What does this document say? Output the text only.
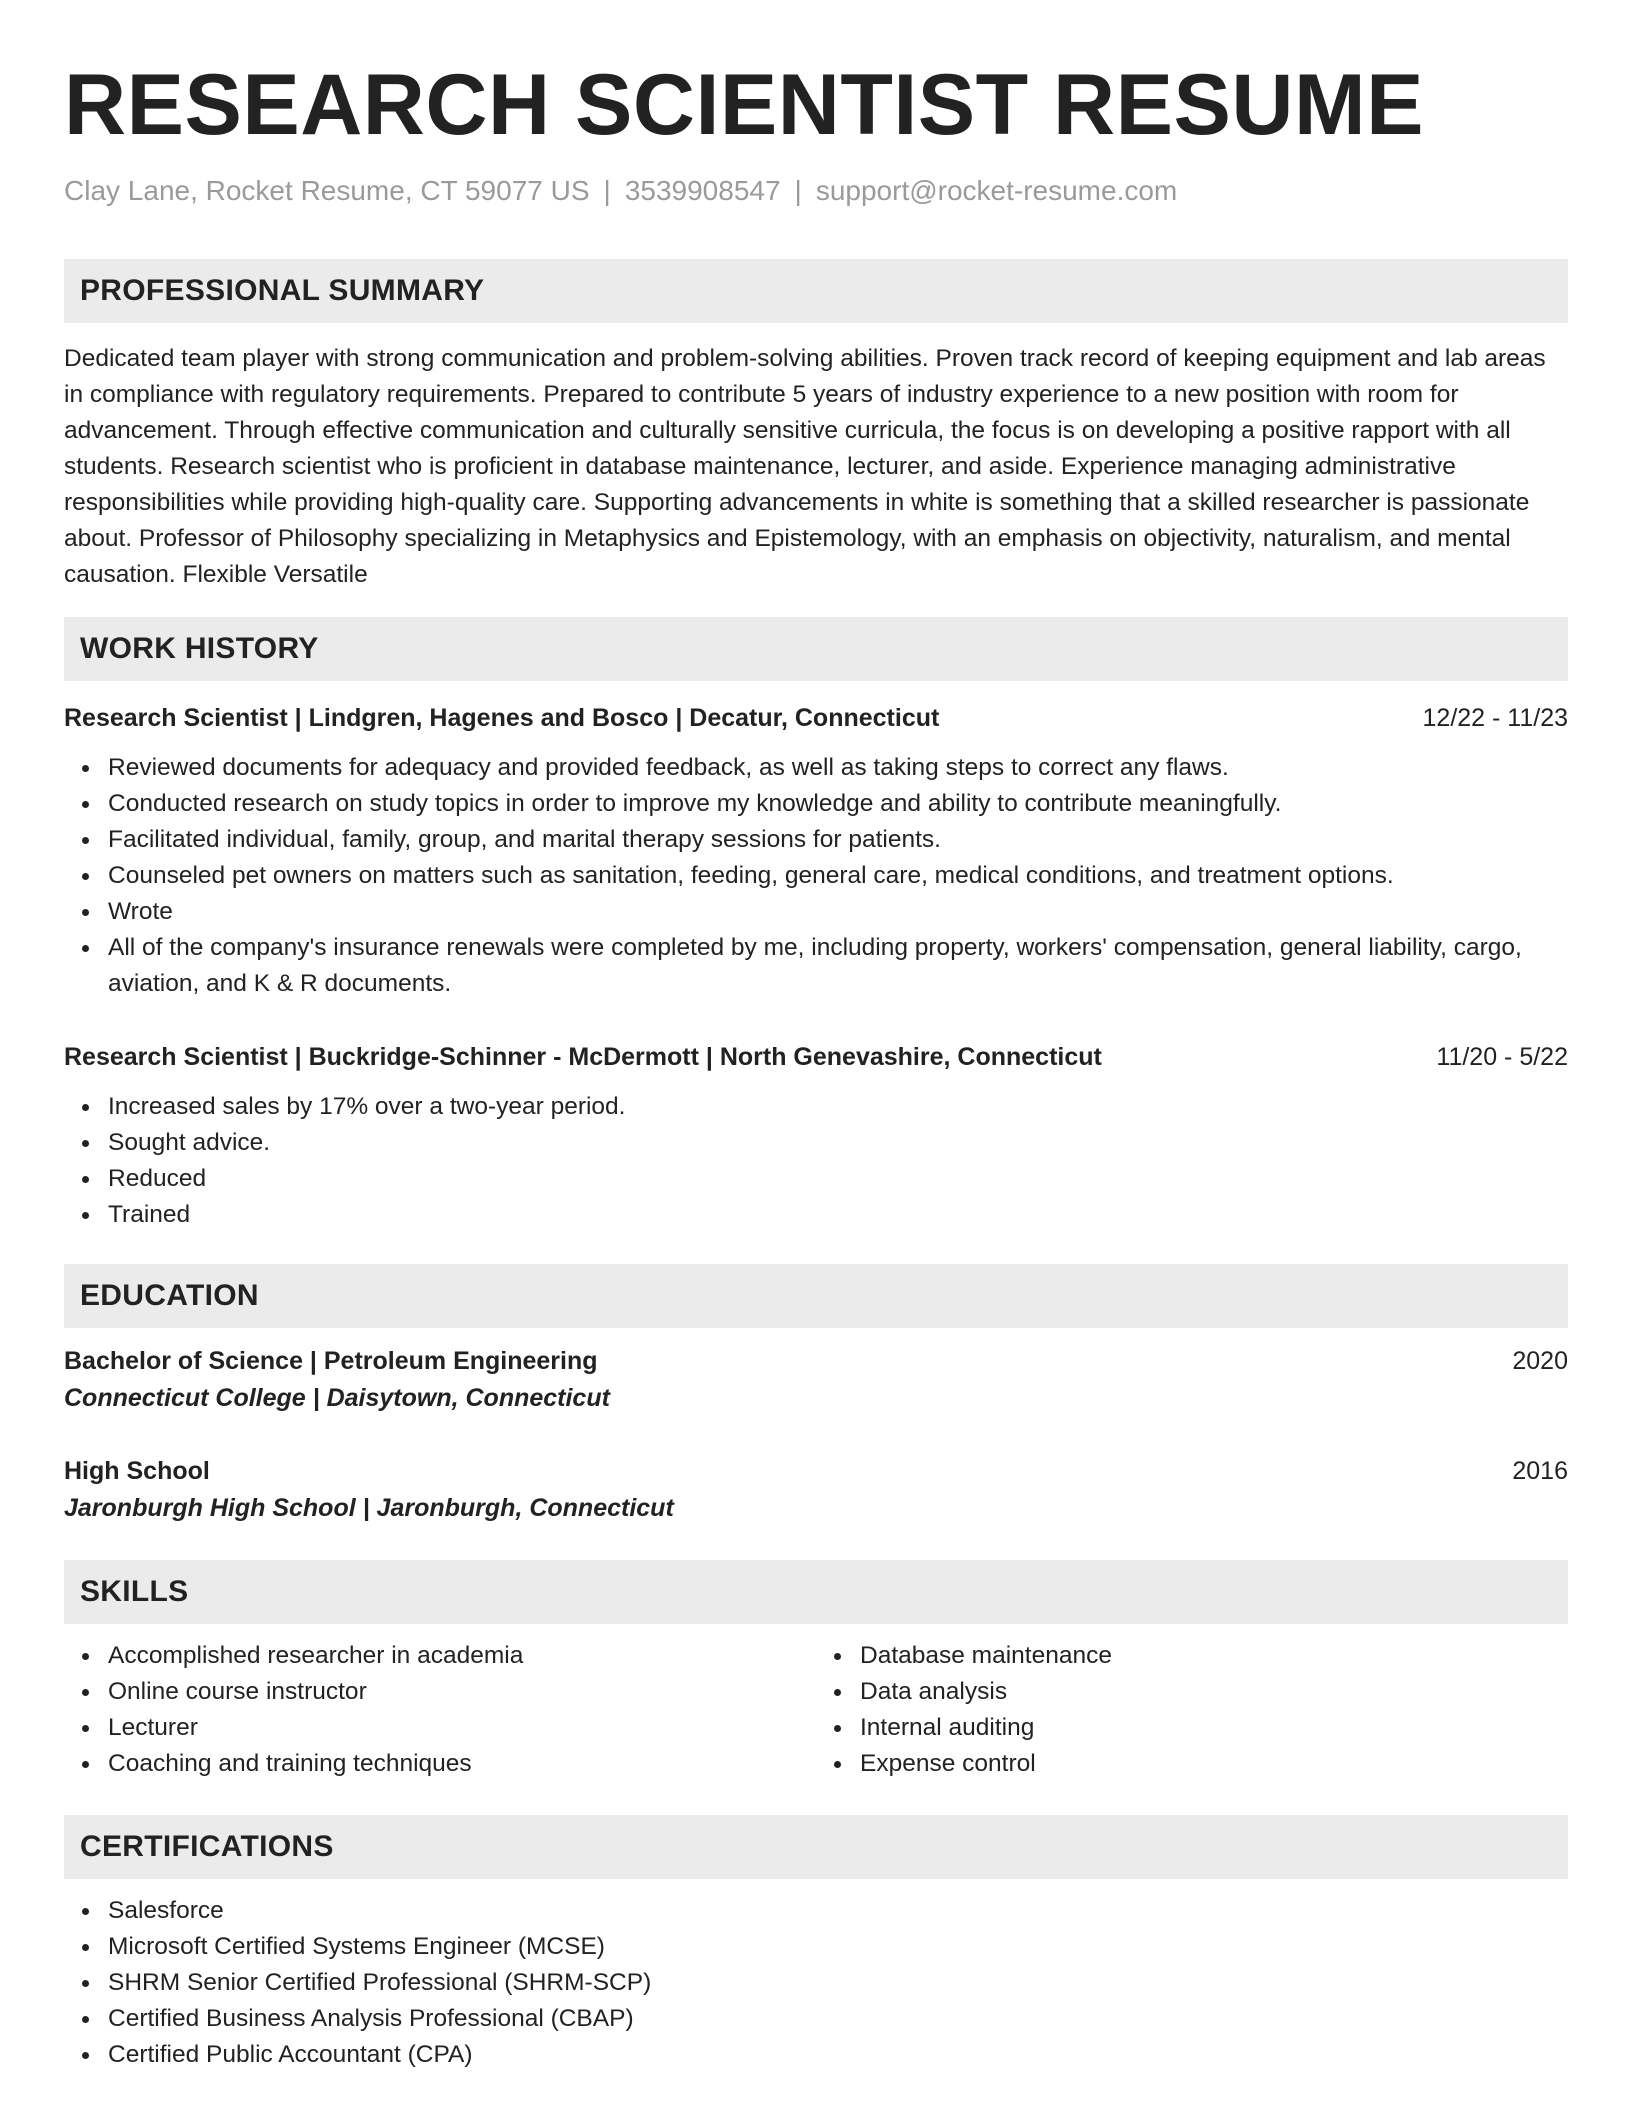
RESEARCH SCIENTIST RESUME
Clay Lane, Rocket Resume, CT 59077 US | 3539908547 | support@rocket-resume.com
PROFESSIONAL SUMMARY

Dedicated team player with strong communication and problem-solving abilities. Proven track record of keeping equipment and lab areas in compliance with regulatory requirements. Prepared to contribute 5 years of industry experience to a new position with room for advancement. Through effective communication and culturally sensitive curricula, the focus is on developing a positive rapport with all students. Research scientist who is proficient in database maintenance, lecturer, and aside. Experience managing administrative responsibilities while providing high-quality care. Supporting advancements in white is something that a skilled researcher is passionate about. Professor of Philosophy specializing in Metaphysics and Epistemology, with an emphasis on objectivity, naturalism, and mental causation. Flexible Versatile

WORK HISTORY
Research Scientist | Lindgren, Hagenes and Bosco | Decatur, Connecticut	12/22 - 11/23
Reviewed documents for adequacy and provided feedback, as well as taking steps to correct any flaws.
Conducted research on study topics in order to improve my knowledge and ability to contribute meaningfully.
Facilitated individual, family, group, and marital therapy sessions for patients.
Counseled pet owners on matters such as sanitation, feeding, general care, medical conditions, and treatment options.
Wrote
All of the company's insurance renewals were completed by me, including property, workers' compensation, general liability, cargo, aviation, and K & R documents.
Research Scientist | Buckridge-Schinner - McDermott | North Genevashire, Connecticut	11/20 - 5/22
Increased sales by 17% over a two-year period.
Sought advice.
Reduced
Trained
EDUCATION
Bachelor of Science | Petroleum Engineering	2020
Connecticut College | Daisytown, Connecticut
High School	2016
Jaronburgh High School | Jaronburgh, Connecticut
SKILLS
Accomplished researcher in academia
Online course instructor
Lecturer
Coaching and training techniques
Database maintenance
Data analysis
Internal auditing
Expense control
CERTIFICATIONS
Salesforce
Microsoft Certified Systems Engineer (MCSE)
SHRM Senior Certified Professional (SHRM-SCP)
Certified Business Analysis Professional (CBAP)
Certified Public Accountant (CPA)
